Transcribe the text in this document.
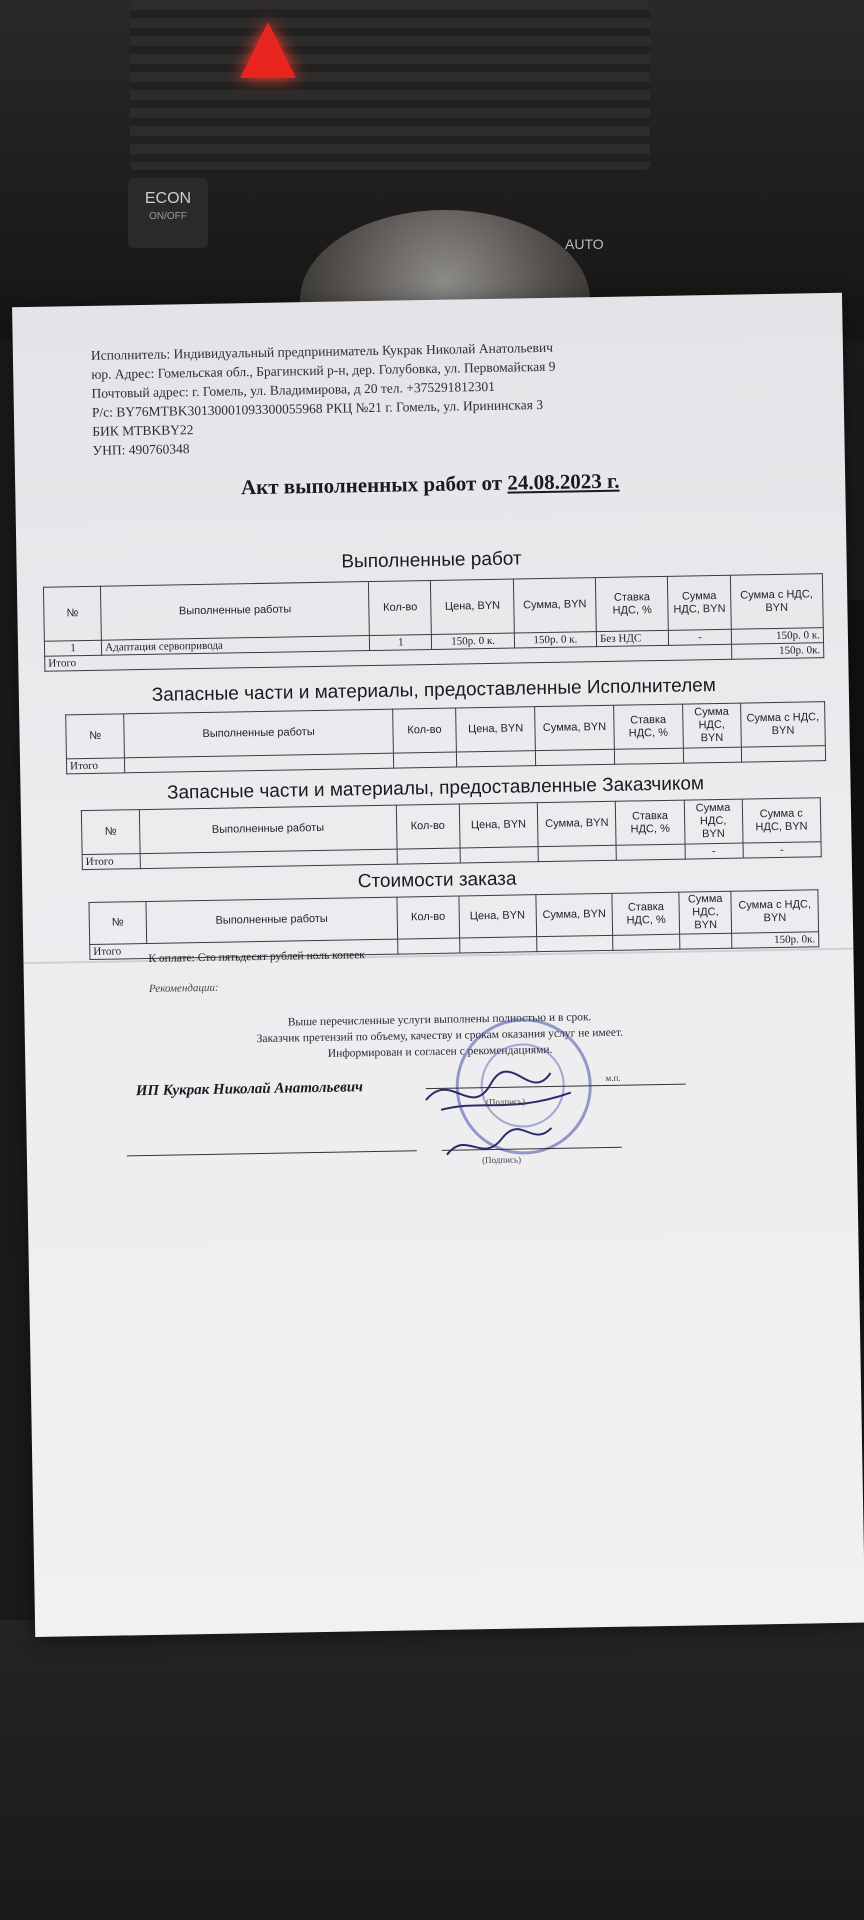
ECON
ON/OFF
AUTO
Исполнитель: Индивидуальный предприниматель Кукрак Николай Анатольевич
юр. Адрес: Гомельская обл., Брагинский р-н, дер. Голубовка, ул. Первомайская 9
Почтовый адрес: г. Гомель, ул. Владимирова, д 20 тел. +375291812301
Р/с: BY76MTBK30130001093300055968 РКЦ №21 г. Гомель, ул. Ирининская 3
БИК MTBKBY22
УНП: 490760348
Акт выполненных работ от 24.08.2023 г.
Выполненные работ
№	Выполненные работы	Кол-во	Цена, BYN	Сумма, BYN	Ставка НДС, %	Сумма НДС, BYN	Сумма с НДС, BYN
1	Адаптация сервопривода	1	150р. 0 к.	150р. 0 к.	Без НДС	-	150р. 0 к.
Итого							150р. 0к.
Запасные части и материалы, предоставленные Исполнителем
№	Выполненные работы	Кол-во	Цена, BYN	Сумма, BYN	Ставка НДС, %	Сумма НДС, BYN	Сумма с НДС, BYN
Итого							
Запасные части и материалы, предоставленные Заказчиком
№	Выполненные работы	Кол-во	Цена, BYN	Сумма, BYN	Ставка НДС, %	Сумма НДС, BYN	Сумма с НДС, BYN
Итого						-	-
Стоимости заказа
№	Выполненные работы	Кол-во	Цена, BYN	Сумма, BYN	Ставка НДС, %	Сумма НДС, BYN	Сумма с НДС, BYN
Итого							150р. 0к.
К оплате: Сто пятьдесят рублей ноль копеек
Рекомендации:
Выше перечисленные услуги выполнены полностью и в срок.
Заказчик претензий по объему, качеству и срокам оказания услуг не имеет.
Информирован и согласен с рекомендациями.
ИП Кукрак Николай Анатольевич
м.п.
(Подпись)
(Подпись)
